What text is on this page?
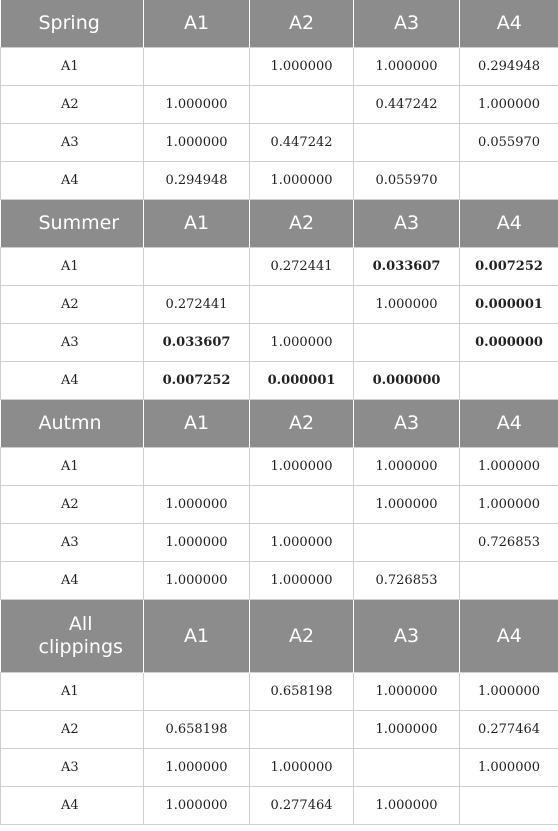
Spring	A1	A2	A3	A4
A1		1.000000	1.000000	0.294948
A2	1.000000		0.447242	1.000000
A3	1.000000	0.447242		0.055970
A4	0.294948	1.000000	0.055970	
Summer	A1	A2	A3	A4
A1		0.272441	0.033607	0.007252
A2	0.272441		1.000000	0.000001
A3	0.033607	1.000000		0.000000
A4	0.007252	0.000001	0.000000	
Autmn	A1	A2	A3	A4
A1		1.000000	1.000000	1.000000
A2	1.000000		1.000000	1.000000
A3	1.000000	1.000000		0.726853
A4	1.000000	1.000000	0.726853	
All
clippings	A1	A2	A3	A4
A1		0.658198	1.000000	1.000000
A2	0.658198		1.000000	0.277464
A3	1.000000	1.000000		1.000000
A4	1.000000	0.277464	1.000000	
